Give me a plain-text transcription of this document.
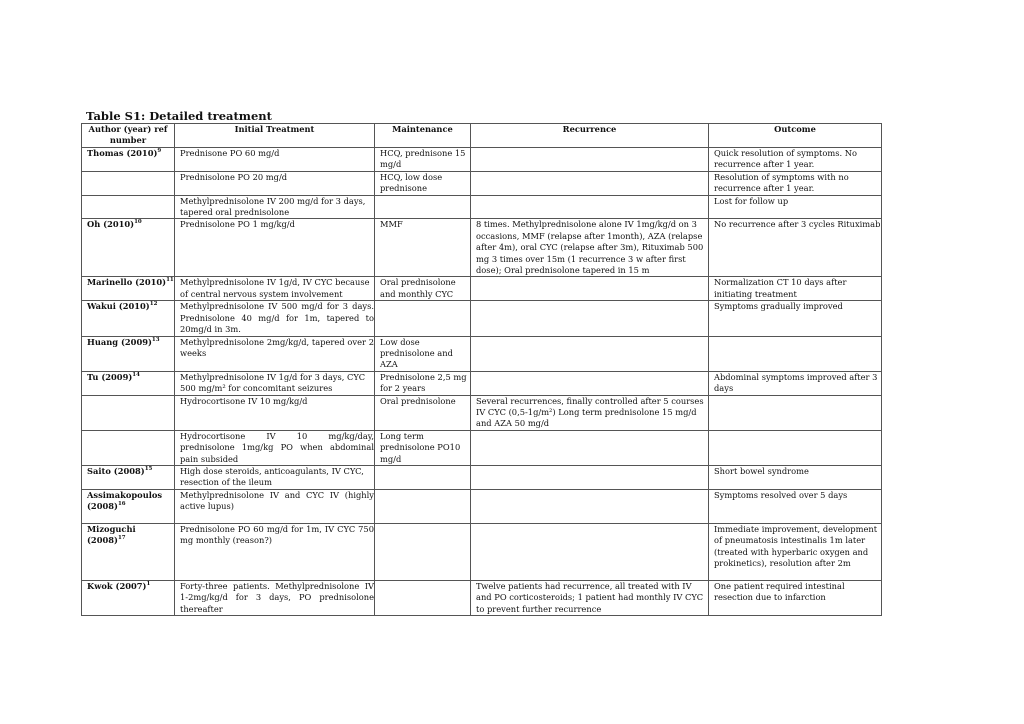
Table S1: Detailed treatment
Author (year) ref number	Initial Treatment	Maintenance	Recurrence	Outcome
Thomas $(2010)^9$	Prednisone PO 60 mg/d	HCQ, prednisone 15 mg/d		Quick resolution of symptoms. No recurrence after 1 year.
	Prednisolone PO 20 mg/d	HCQ, low dose prednisone		Resolution of symptoms with no recurrence after 1 year.
	Methylprednisolone IV 200 mg/d for 3 days, tapered oral prednisolone			Lost for follow up
Oh $(2010)^{10}$	Prednisolone PO 1 mg/kg/d	MMF	8 times. Methylprednisolone alone IV 1mg/kg/d on 3 occasions, MMF (relapse after 1month), AZA (relapse after 4m), oral CYC (relapse after 3m), Rituximab 500 mg 3 times over 15m (1 recurrence 3 w after first dose); Oral prednisolone tapered in 15 m	No recurrence after 3 cycles Rituximab
Marinello $(2010)^{11}$	Methylprednisolone IV 1g/d, IV CYC because of central nervous system involvement	Oral prednisolone and monthly CYC		Normalization CT 10 days after initiating treatment
Wakui $(2010)^{12}$	Methylprednisolone IV 500 mg/d for 3 days. Prednisolone 40 mg/d for 1m, tapered to 20mg/d in 3m.			Symptoms gradually improved
Huang $(2009)^{13}$	Methylprednisolone 2mg/kg/d, tapered over 2 weeks	Low dose prednisolone and AZA		
Tu $(2009)^{14}$	Methylprednisolone IV 1g/d for 3 days, CYC 500 mg/m² for concomitant seizures	Prednisolone 2,5 mg for 2 years		Abdominal symptoms improved after 3 days
	Hydrocortisone IV 10 mg/kg/d	Oral prednisolone	Several recurrences, finally controlled after 5 courses IV CYC (0,5-1g/m²) Long term prednisolone 15 mg/d and AZA 50 mg/d	
	Hydrocortisone IV 10 mg/kg/day, prednisolone 1mg/kg PO when abdominal pain subsided	Long term prednisolone PO10 mg/d		
Saito $(2008)^{15}$	High dose steroids, anticoagulants, IV CYC, resection of the ileum			Short bowel syndrome
Assimakopoulos $(2008)^{16}$	Methylprednisolone IV and CYC IV (highly active lupus)			Symptoms resolved over 5 days
Mizoguchi $(2008)^{17}$	Prednisolone PO 60 mg/d for 1m, IV CYC 750 mg monthly (reason?)			Immediate improvement, development of pneumatosis intestinalis 1m later (treated with hyperbaric oxygen and prokinetics), resolution after 2m
Kwok $(2007)^1$	Forty-three patients. Methylprednisolone IV 1-2mg/kg/d for 3 days, PO prednisolone thereafter		Twelve patients had recurrence, all treated with IV and PO corticosteroids; 1 patient had monthly IV CYC to prevent further recurrence	One patient required intestinal resection due to infarction
